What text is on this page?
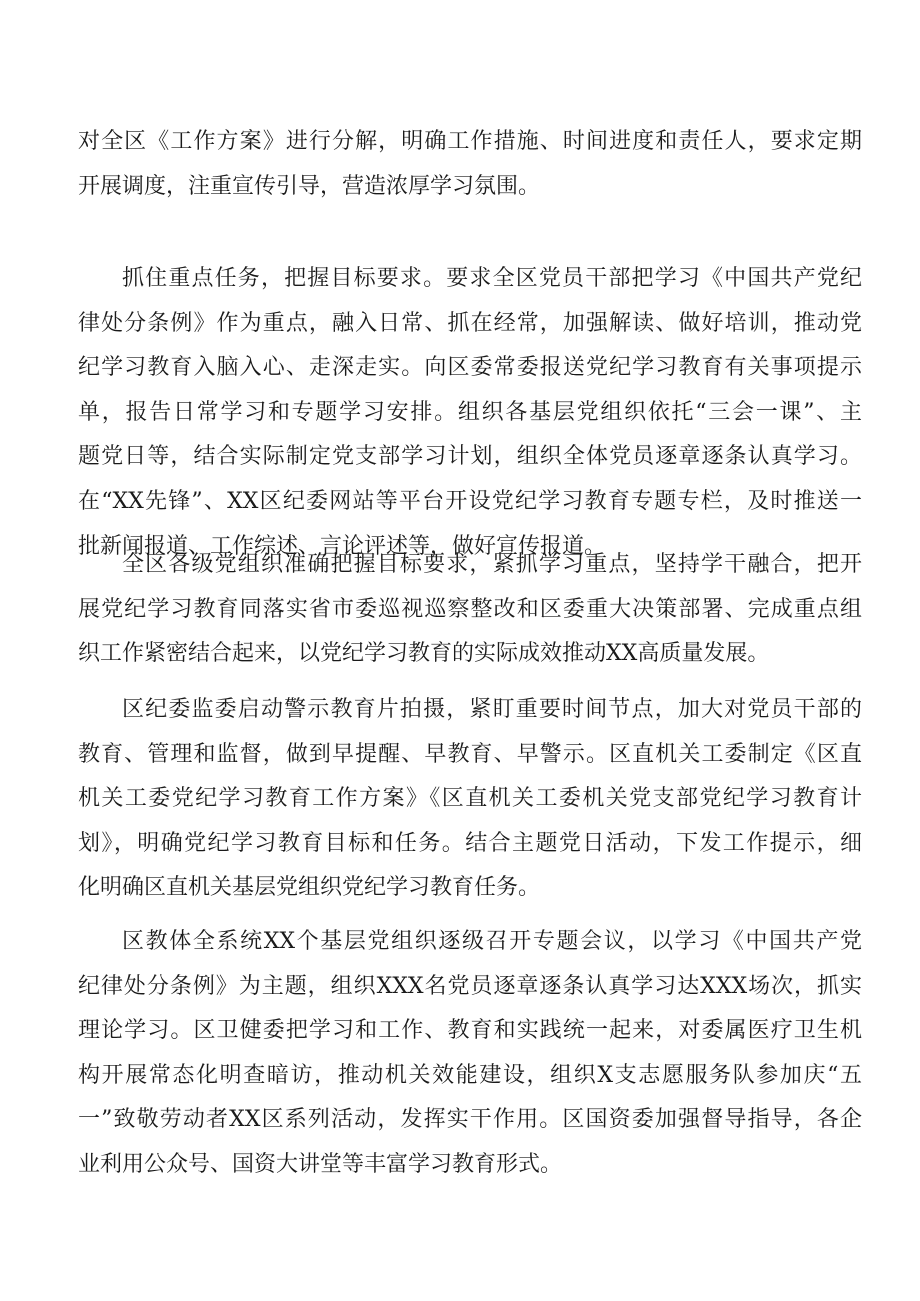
对全区《工作方案》进行分解，明确工作措施、时间进度和责任人，要求定期
开展调度，注重宣传引导，营造浓厚学习氛围。
抓住重点任务，把握目标要求。要求全区党员干部把学习《中国共产党纪
律处分条例》作为重点，融入日常、抓在经常，加强解读、做好培训，推动党
纪学习教育入脑入心、走深走实。向区委常委报送党纪学习教育有关事项提示
单，报告日常学习和专题学习安排。组织各基层党组织依托“三会一课”、主
题党日等，结合实际制定党支部学习计划，组织全体党员逐章逐条认真学习。
在“XX先锋”、XX区纪委网站等平台开设党纪学习教育专题专栏，及时推送一
批新闻报道、工作综述、言论评述等，做好宣传报道。
全区各级党组织准确把握目标要求，紧抓学习重点，坚持学干融合，把开
展党纪学习教育同落实省市委巡视巡察整改和区委重大决策部署、完成重点组
织工作紧密结合起来，以党纪学习教育的实际成效推动XX高质量发展。
区纪委监委启动警示教育片拍摄，紧盯重要时间节点，加大对党员干部的
教育、管理和监督，做到早提醒、早教育、早警示。区直机关工委制定《区直
机关工委党纪学习教育工作方案》《区直机关工委机关党支部党纪学习教育计
划》，明确党纪学习教育目标和任务。结合主题党日活动，下发工作提示，细
化明确区直机关基层党组织党纪学习教育任务。
区教体全系统XX个基层党组织逐级召开专题会议，以学习《中国共产党
纪律处分条例》为主题，组织XXX名党员逐章逐条认真学习达XXX场次，抓实
理论学习。区卫健委把学习和工作、教育和实践统一起来，对委属医疗卫生机
构开展常态化明查暗访，推动机关效能建设，组织X支志愿服务队参加庆“五
一”致敬劳动者XX区系列活动，发挥实干作用。区国资委加强督导指导，各企
业利用公众号、国资大讲堂等丰富学习教育形式。
